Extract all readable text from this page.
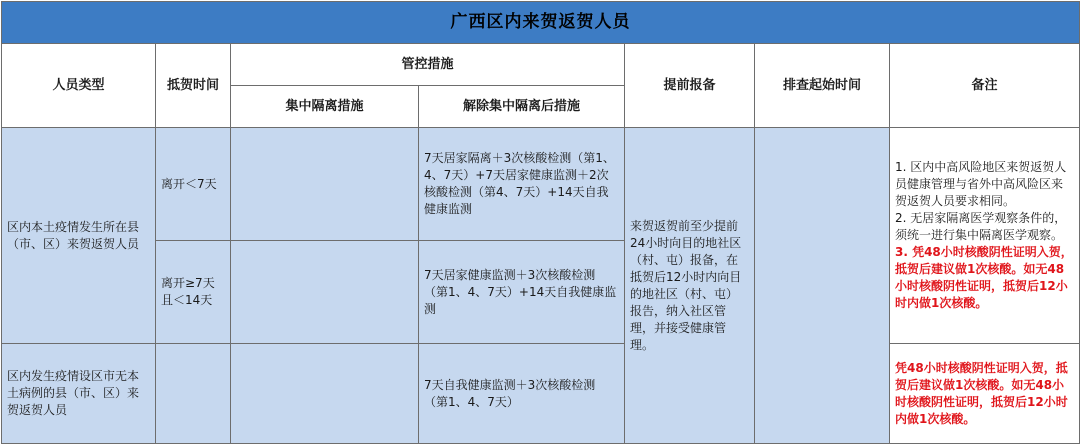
广西区内来贺返贺人员						
人员类型	抵贺时间	管控措施		提前报备	排查起始时间	备注
		集中隔离措施	解除集中隔离后措施			
区内本土疫情发生所在县（市、区）来贺返贺人员	离开＜7天		7天居家隔离＋3次核酸检测（第1、4、7天）+7天居家健康监测＋2次核酸检测（第4、7天）+14天自我健康监测	来贺返贺前至少提前24小时向目的地社区（村、屯）报备，在抵贺后12小时内向目的地社区（村、屯）报告，纳入社区管理，并接受健康管理。		1. 区内中高风险地区来贺返贺人员健康管理与省外中高风险区来贺返贺人员要求相同。
2. 无居家隔离医学观察条件的，须统一进行集中隔离医学观察。
3. 凭48小时核酸阴性证明入贺，抵贺后建议做1次核酸。如无48小时核酸阴性证明，抵贺后12小时内做1次核酸。

	离开≥7天且＜14天		7天居家健康监测＋3次核酸检测（第1、4、7天）+14天自我健康监测			
区内发生疫情设区市无本土病例的县（市、区）来贺返贺人员			7天自我健康监测＋3次核酸检测（第1、4、7天）			凭48小时核酸阴性证明入贺，抵贺后建议做1次核酸。如无48小时核酸阴性证明，抵贺后12小时内做1次核酸。
